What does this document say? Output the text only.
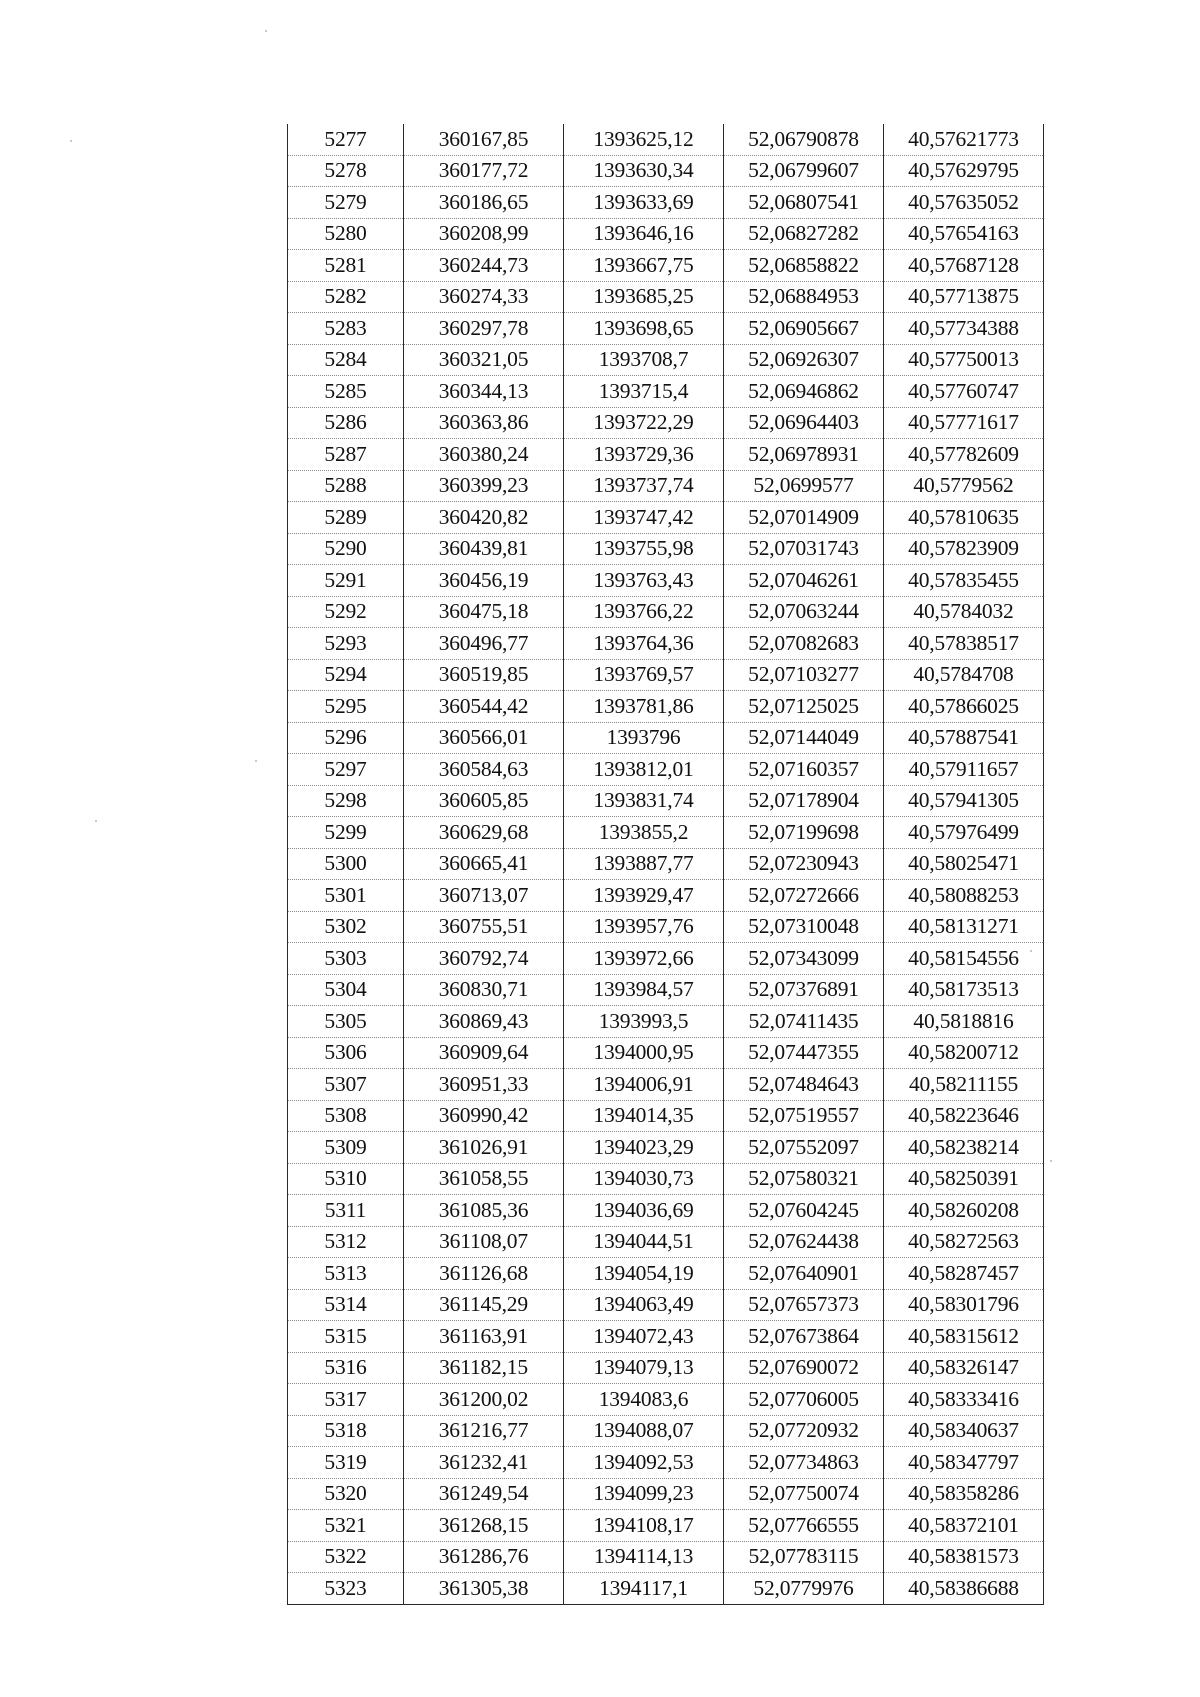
5277	360167,85	1393625,12	52,06790878	40,57621773
5278	360177,72	1393630,34	52,06799607	40,57629795
5279	360186,65	1393633,69	52,06807541	40,57635052
5280	360208,99	1393646,16	52,06827282	40,57654163
5281	360244,73	1393667,75	52,06858822	40,57687128
5282	360274,33	1393685,25	52,06884953	40,57713875
5283	360297,78	1393698,65	52,06905667	40,57734388
5284	360321,05	1393708,7	52,06926307	40,57750013
5285	360344,13	1393715,4	52,06946862	40,57760747
5286	360363,86	1393722,29	52,06964403	40,57771617
5287	360380,24	1393729,36	52,06978931	40,57782609
5288	360399,23	1393737,74	52,0699577	40,5779562
5289	360420,82	1393747,42	52,07014909	40,57810635
5290	360439,81	1393755,98	52,07031743	40,57823909
5291	360456,19	1393763,43	52,07046261	40,57835455
5292	360475,18	1393766,22	52,07063244	40,5784032
5293	360496,77	1393764,36	52,07082683	40,57838517
5294	360519,85	1393769,57	52,07103277	40,5784708
5295	360544,42	1393781,86	52,07125025	40,57866025
5296	360566,01	1393796	52,07144049	40,57887541
5297	360584,63	1393812,01	52,07160357	40,57911657
5298	360605,85	1393831,74	52,07178904	40,57941305
5299	360629,68	1393855,2	52,07199698	40,57976499
5300	360665,41	1393887,77	52,07230943	40,58025471
5301	360713,07	1393929,47	52,07272666	40,58088253
5302	360755,51	1393957,76	52,07310048	40,58131271
5303	360792,74	1393972,66	52,07343099	40,58154556
5304	360830,71	1393984,57	52,07376891	40,58173513
5305	360869,43	1393993,5	52,07411435	40,5818816
5306	360909,64	1394000,95	52,07447355	40,58200712
5307	360951,33	1394006,91	52,07484643	40,58211155
5308	360990,42	1394014,35	52,07519557	40,58223646
5309	361026,91	1394023,29	52,07552097	40,58238214
5310	361058,55	1394030,73	52,07580321	40,58250391
5311	361085,36	1394036,69	52,07604245	40,58260208
5312	361108,07	1394044,51	52,07624438	40,58272563
5313	361126,68	1394054,19	52,07640901	40,58287457
5314	361145,29	1394063,49	52,07657373	40,58301796
5315	361163,91	1394072,43	52,07673864	40,58315612
5316	361182,15	1394079,13	52,07690072	40,58326147
5317	361200,02	1394083,6	52,07706005	40,58333416
5318	361216,77	1394088,07	52,07720932	40,58340637
5319	361232,41	1394092,53	52,07734863	40,58347797
5320	361249,54	1394099,23	52,07750074	40,58358286
5321	361268,15	1394108,17	52,07766555	40,58372101
5322	361286,76	1394114,13	52,07783115	40,58381573
5323	361305,38	1394117,1	52,0779976	40,58386688
